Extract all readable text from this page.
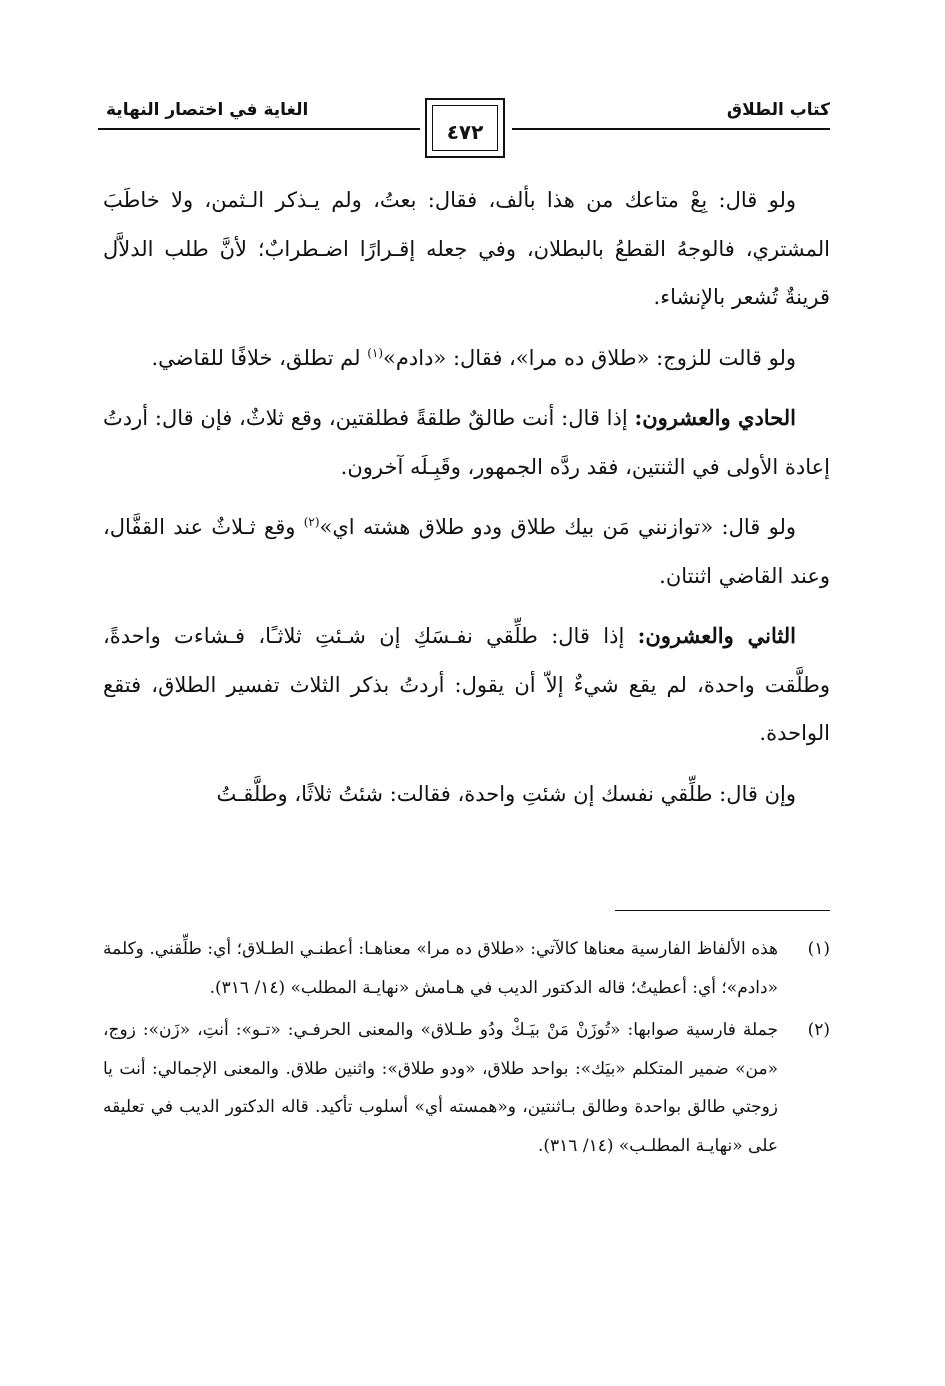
كتاب الطلاق
٤٧٢
الغاية في اختصار النهاية

ولو قال: بِعْ متاعك من هذا بألف، فقال: بعتُ، ولم يـذكر الـثمن، ولا خاطَبَ المشتري، فالوجهُ القطعُ بالبطلان، وفي جعله إقـرارًا اضـطرابٌ؛ لأنَّ طلب الدلاَّل قرينةٌ تُشعر بالإنشاء.

ولو قالت للزوج: «طلاق ده مرا»، فقال: «دادم»$^{(١)}$ لم تطلق، خلافًا للقاضي.

الحادي والعشرون: إذا قال: أنت طالقٌ طلقةً فطلقتين، وقع ثلاثٌ، فإن قال: أردتُ إعادة الأولى في الثنتين، فقد ردَّه الجمهور، وقَبِـلَه آخرون.

ولو قال: «توازنني مَن بيك طلاق ودو طلاق هشته اي»$^{(٢)}$ وقع ثـلاثٌ عند القفَّال، وعند القاضي اثنتان.

الثاني والعشرون: إذا قال: طلِّقي نفـسَكِ إن شـئتِ ثلاثـًا، فـشاءت واحدةً، وطلَّقت واحدة، لم يقع شيءٌ إلاّ أن يقول: أردتُ بذكر الثلاث تفسير الطلاق، فتقع الواحدة.

وإن قال: طلِّقي نفسك إن شئتِ واحدة، فقالت: شئتُ ثلاثًا، وطلَّقـتُ

(١)
هذه الألفاظ الفارسية معناها كالآتي: «طلاق ده مرا» معناهـا: أعطنـي الطـلاق؛ أي: طلِّقني. وكلمة «دادم»؛ أي: أعطيتُ؛ قاله الدكتور الديب في هـامش «نهايـة المطلب» (١٤/ ٣١٦).
(٢)
جملة فارسية صوابها: «تُوزَنْ مَنْ بيَـكْ ودُو طـلاق» والمعنى الحرفـي: «تـو»: أنتِ، «زَن»: زوج، «من» ضمير المتكلم «بيَك»: بواحد طلاق، «ودو طلاق»: واثنين طلاق. والمعنى الإجمالي: أنت يا زوجتي طالق بواحدة وطالق بـاثنتين، و«همسته أي» أسلوب تأكيد. قاله الدكتور الديب في تعليقه على «نهايـة المطلـب» (١٤/ ٣١٦).
